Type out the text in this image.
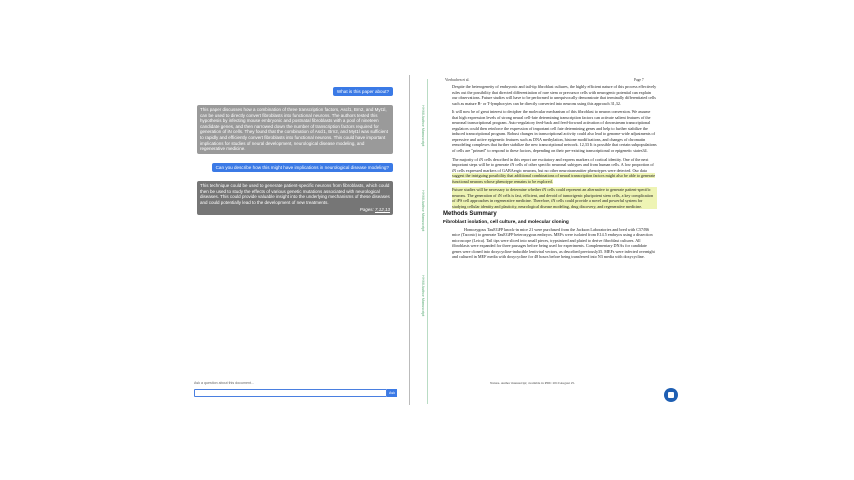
What is this paper about?
This paper discusses how a combination of three transcription factors, Ascl1, Brn2, and Myt1l, can be used to directly convert fibroblasts into functional neurons. The authors tested this hypothesis by infecting mouse embryonic and postnatal fibroblasts with a pool of nineteen candidate genes, and then narrowed down the number of transcription factors required for generation of iN cells. They found that the combination of Ascl1, Brn2, and Myt1l was sufficient to rapidly and efficiently convert fibroblasts into functional neurons. This could have important implications for studies of neural development, neurological disease modeling, and regenerative medicine.
Can you describe how this might have implications in neurological disease modeling?
This technique could be used to generate patient-specific neurons from fibroblasts, which could then be used to study the effects of various genetic mutations associated with neurological diseases. This could provide valuable insight into the underlying mechanisms of these diseases and could potentially lead to the development of new treatments.
Pages: 7,12,13
Ask a question about this document...
Ask
HHMI Author Manuscript
HHMI Author Manuscript
HHMI Author Manuscript
Vierbuchen et al.	Page 7

Despite the heterogeneity of embryonic and tail-tip fibroblast cultures, the highly efficient nature of this process effectively rules out the possibility that directed differentiation of rare stem or precursor cells with neurogenic potential can explain our observations. Future studies will have to be performed to unequivocally demonstrate that terminally differentiated cells such as mature B- or T-lymphocytes can be directly converted into neurons using this approach 31,32.

It will now be of great interest to decipher the molecular mechanism of this fibroblast to neuron conversion. We assume that high expression levels of strong neural cell-fate determining transcription factors can activate salient features of the neuronal transcriptional program. Auto-regulatory feed-back and feed-forward activation of downstream transcriptional regulators could then reinforce the expression of important cell fate determining genes and help to further stabilize the induced transcriptional program. Robust changes in transcriptional activity could also lead to genome-wide adjustments of repressive and active epigenetic features such as DNA methylation, histone modifications, and changes of chromatin remodeling complexes that further stabilize the new transcriptional network. 12,33 It is possible that certain subpopulations of cells are "primed" to respond to these factors, depending on their pre-existing transcriptional or epigenetic states34.

The majority of iN cells described in this report are excitatory and express markers of cortical identity. One of the next important steps will be to generate iN cells of other specific neuronal subtypes and from human cells. A low proportion of iN cells expressed markers of GABAergic neurons, but no other neurotransmitter phenotypes were detected. Our data suggest the intriguing possibility that additional combinations of neural transcription factors might also be able to generate functional neurons whose phenotype remains to be explored.

Future studies will be necessary to determine whether iN cells could represent an alternative to generate patient-specific neurons. The generation of iN cells is fast, efficient, and devoid of tumorigenic pluripotent stem cells, a key complication of iPS cell approaches in regenerative medicine. Therefore, iN cells could provide a novel and powerful system for studying cellular identity and plasticity, neurological disease modeling, drug discovery, and regenerative medicine.

Methods Summary
Fibroblast isolation, cell culture, and molecular cloning

Homozygous TauEGFP knock-in mice 21 were purchased from the Jackson Laboratories and bred with C57/B6 mice (Taconic) to generate TauEGFP heterozygous embryos. MEFs were isolated from E14.5 embryos using a dissection microscope (Leica). Tail tips were sliced into small pieces, trypsinized and plated to derive fibroblast cultures. All fibroblasts were expanded for three passages before being used for experiments. Complementary DNAs for candidate genes were cloned into doxycycline-inducible lentiviral vectors, as described previously35. MEFs were infected overnight and cultured in MEF media with doxycycline for 48 hours before being transferred into N3 media with doxycycline.

Nature. Author manuscript; available in PMC 2010 August 25.
